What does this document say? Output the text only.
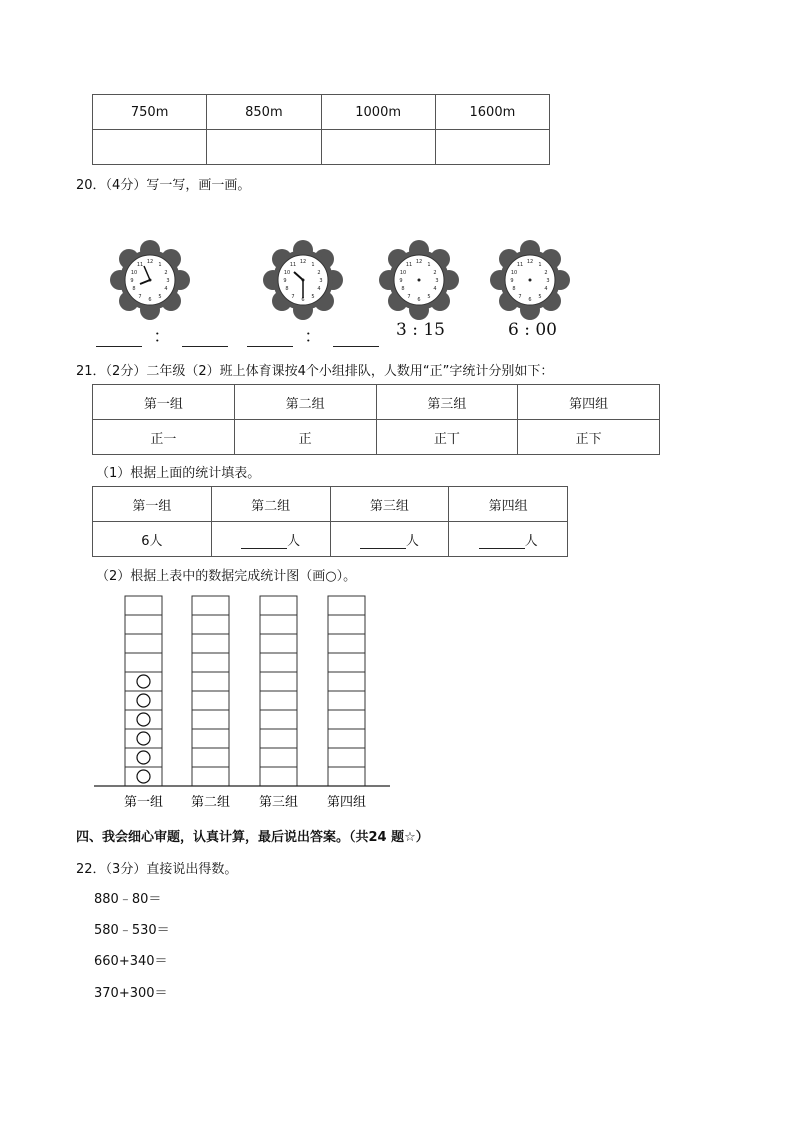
750m	850m	1000m	1600m

20．（4分）写一写，画一画。
12	1
2
3
4
5
6
7
8
9
10
11
：	：	3 : 15	6 : 00
21．（2分）二年级（2）班上体育课按4个小组排队，人数用“正”字统计分别如下：
第一组	第二组	第三组	第四组
正一	正	正丅	正下
（1）根据上面的统计填表。
第一组	第二组	第三组	第四组
6人	人	人	人
（2）根据上表中的数据完成统计图（画○）。
第一组 第二组 第三组 第四组
四、我会细心审题，认真计算，最后说出答案。（共24 题☆）
22．（3分）直接说出得数。
880﹣80＝
580﹣530＝
660+340＝
370+300＝
